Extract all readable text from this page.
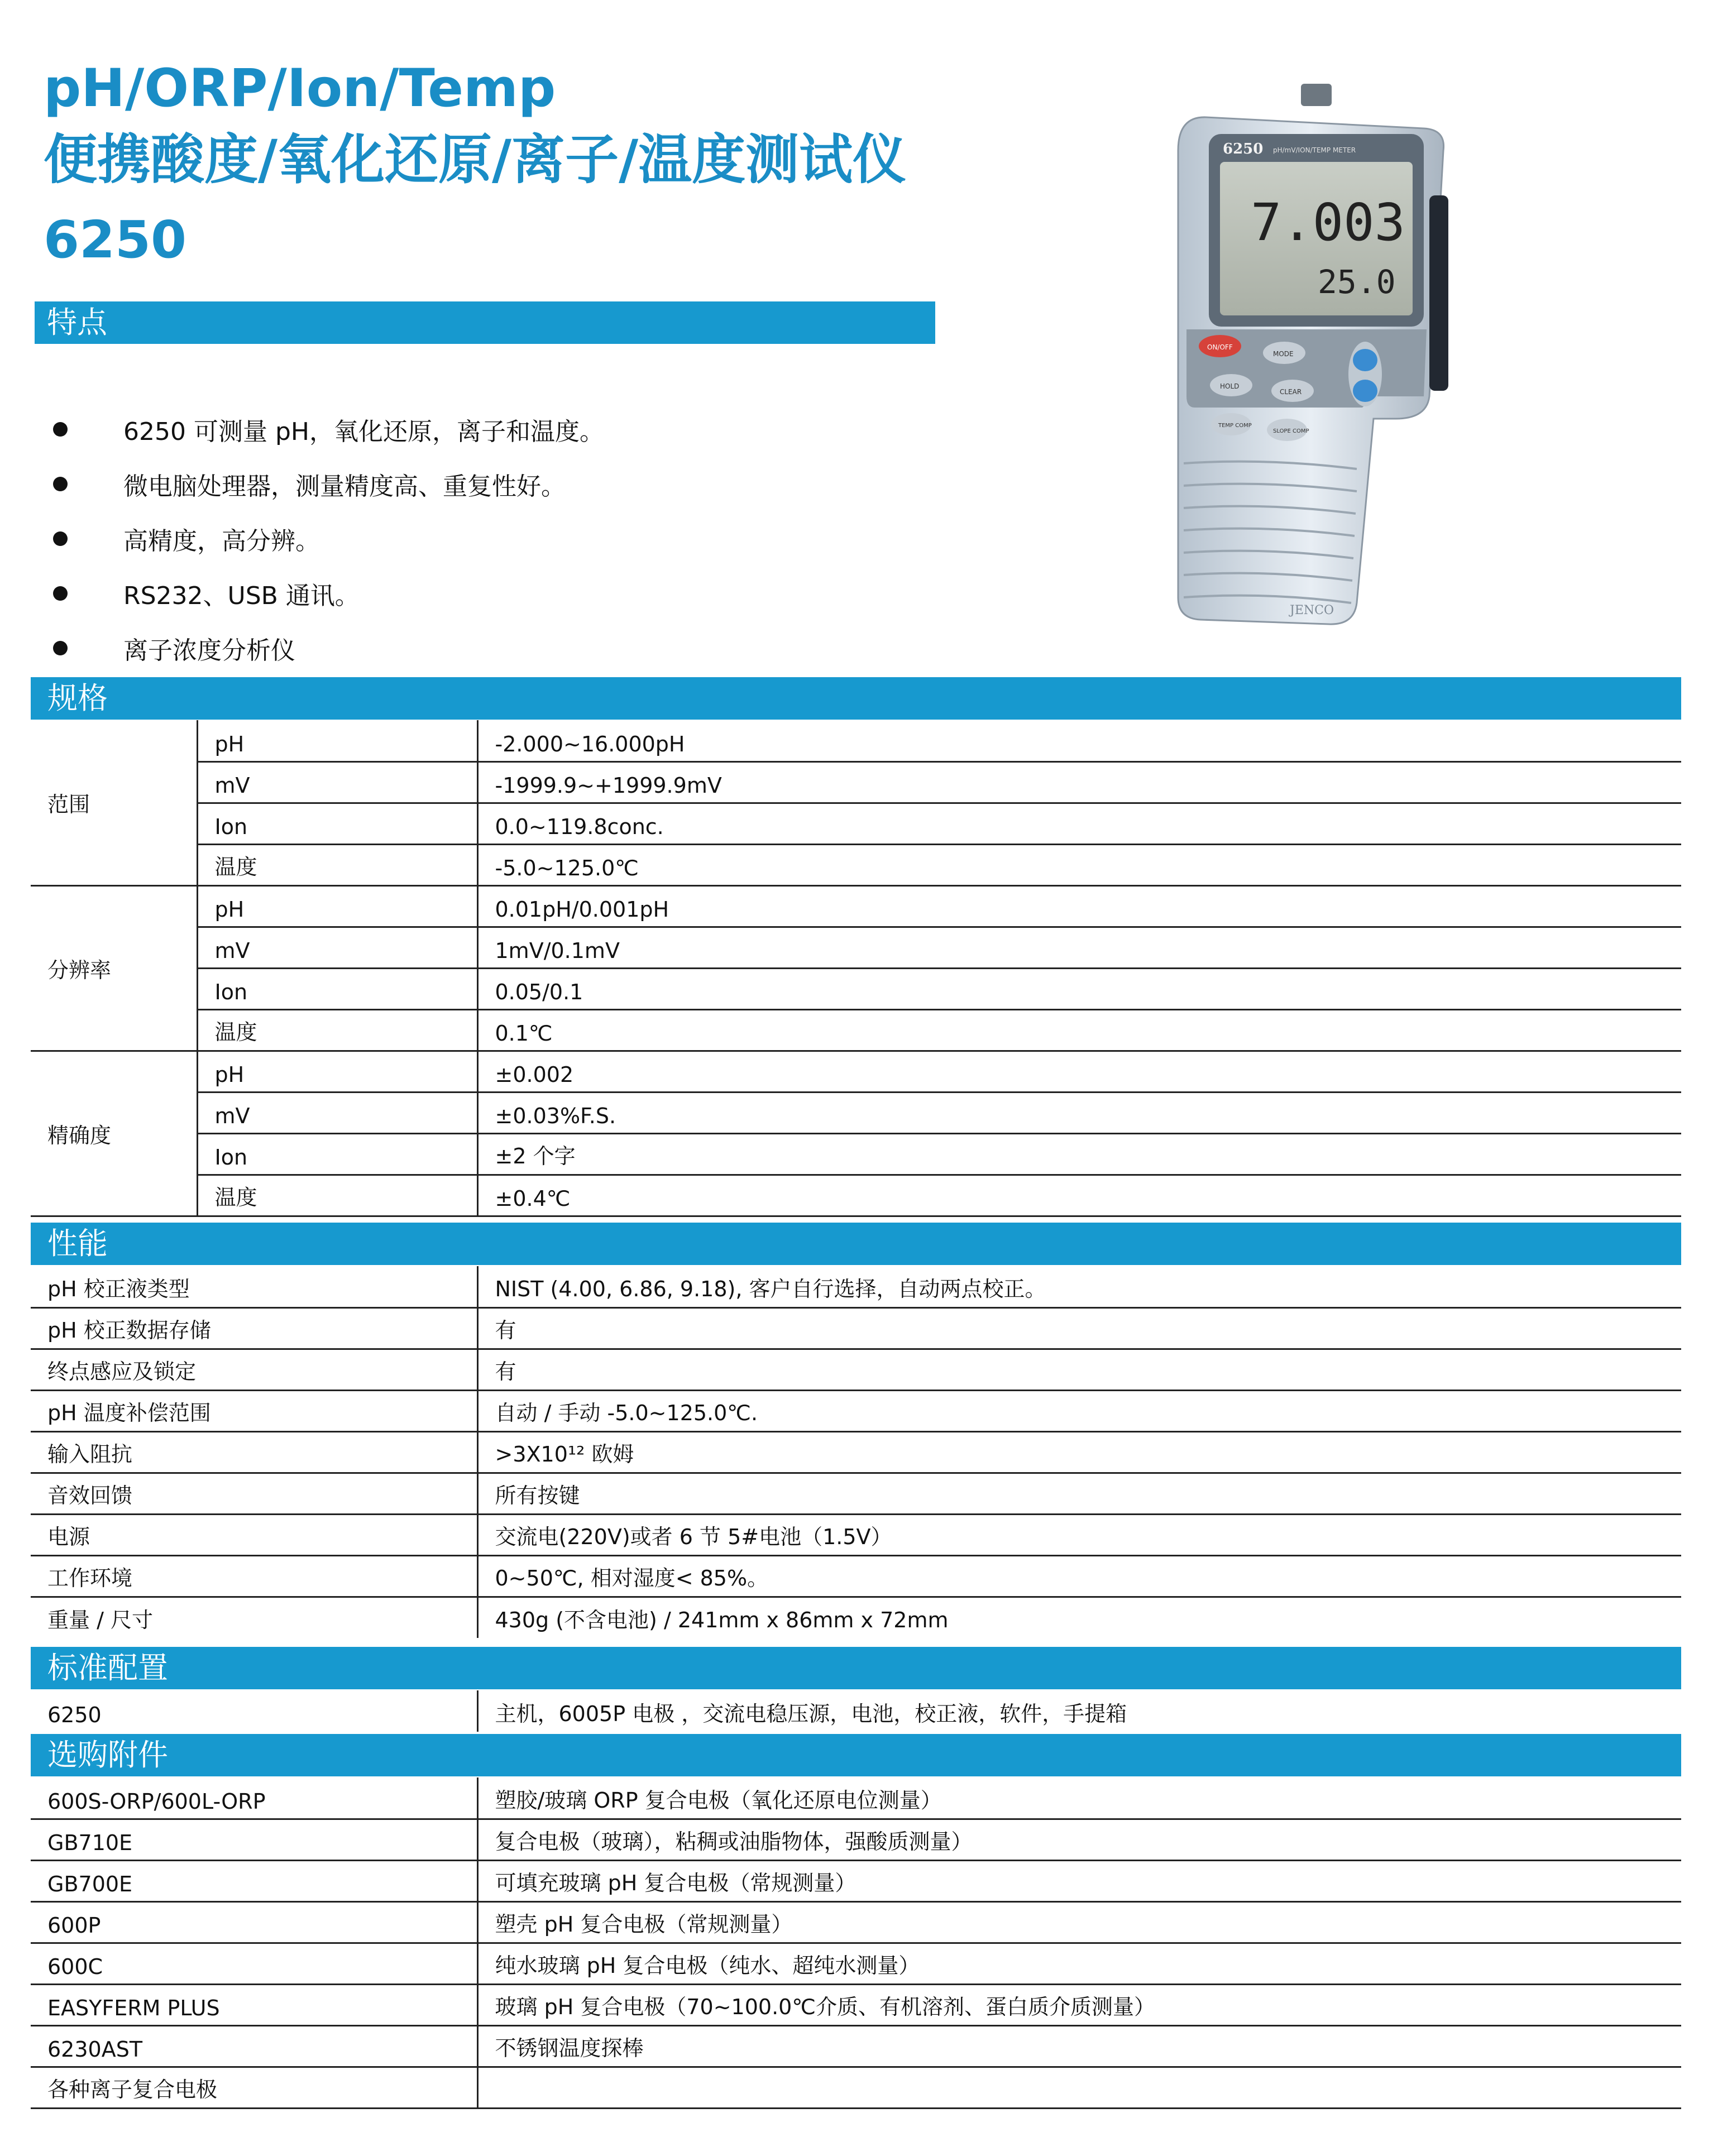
pH/ORP/Ion/Temp
便携酸度/氧化还原/离子/温度测试仪
6250
特点
6250 可测量 pH，氧化还原，离子和温度。
微电脑处理器，测量精度高、重复性好。
高精度，高分辨。
RS232、USB 通讯。
离子浓度分析仪
6250 pH/mV/ION/TEMP METER
7.003
25.0
ON/OFF
MODE
HOLD
CLEAR
TEMP COMP
SLOPE COMP
JENCO
规格
范围	pH	-2.000~16.000pH
	mV	-1999.9~+1999.9mV
	Ion	0.0~119.8conc.
	温度	-5.0~125.0℃
分辨率	pH	0.01pH/0.001pH
	mV	1mV/0.1mV
	Ion	0.05/0.1
	温度	0.1℃
精确度	pH	±0.002
	mV	±0.03%F.S.
	Ion	±2 个字
	温度	±0.4℃
性能
pH 校正液类型	NIST (4.00, 6.86, 9.18), 客户自行选择，自动两点校正。
pH 校正数据存储	有
终点感应及锁定	有
pH 温度补偿范围	自动 / 手动 -5.0~125.0℃.
输入阻抗	>3X10¹² 欧姆
音效回馈	所有按键
电源	交流电(220V)或者 6 节 5#电池（1.5V）
工作环境	0~50℃, 相对湿度< 85%。
重量 / 尺寸	430g (不含电池) / 241mm x 86mm x 72mm
标准配置
6250	主机，6005P 电极 ，交流电稳压源，电池，校正液，软件，手提箱
选购附件
600S-ORP/600L-ORP	塑胶/玻璃 ORP 复合电极（氧化还原电位测量）
GB710E	复合电极（玻璃），粘稠或油脂物体，强酸质测量）
GB700E	可填充玻璃 pH 复合电极（常规测量）
600P	塑壳 pH 复合电极（常规测量）
600C	纯水玻璃 pH 复合电极（纯水、超纯水测量）
EASYFERM PLUS	玻璃 pH 复合电极（70~100.0℃介质、有机溶剂、蛋白质介质测量）
6230AST	不锈钢温度探棒
各种离子复合电极	
